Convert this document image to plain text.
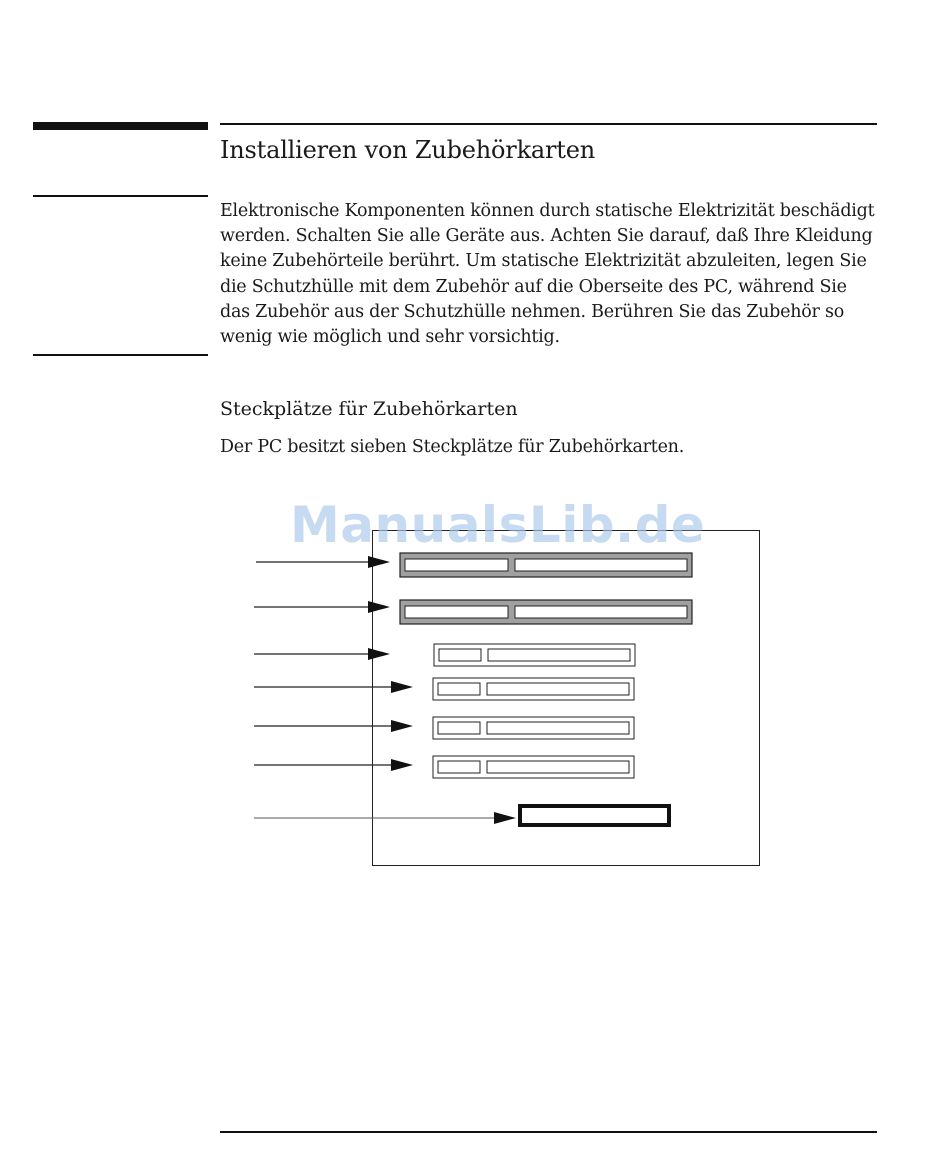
Installieren von Zubehörkarten

Elektronische Komponenten können durch statische Elektrizität beschädigt werden. Schalten Sie alle Geräte aus. Achten Sie darauf, daß Ihre Kleidung keine Zubehörteile berührt. Um statische Elektrizität abzuleiten, legen Sie die Schutzhülle mit dem Zubehör auf die Oberseite des PC, während Sie das Zubehör aus der Schutzhülle nehmen. Berühren Sie das Zubehör so wenig wie möglich und sehr vorsichtig.

Steckplätze für Zubehörkarten

Der PC besitzt sieben Steckplätze für Zubehörkarten.

ManualsLib.de
